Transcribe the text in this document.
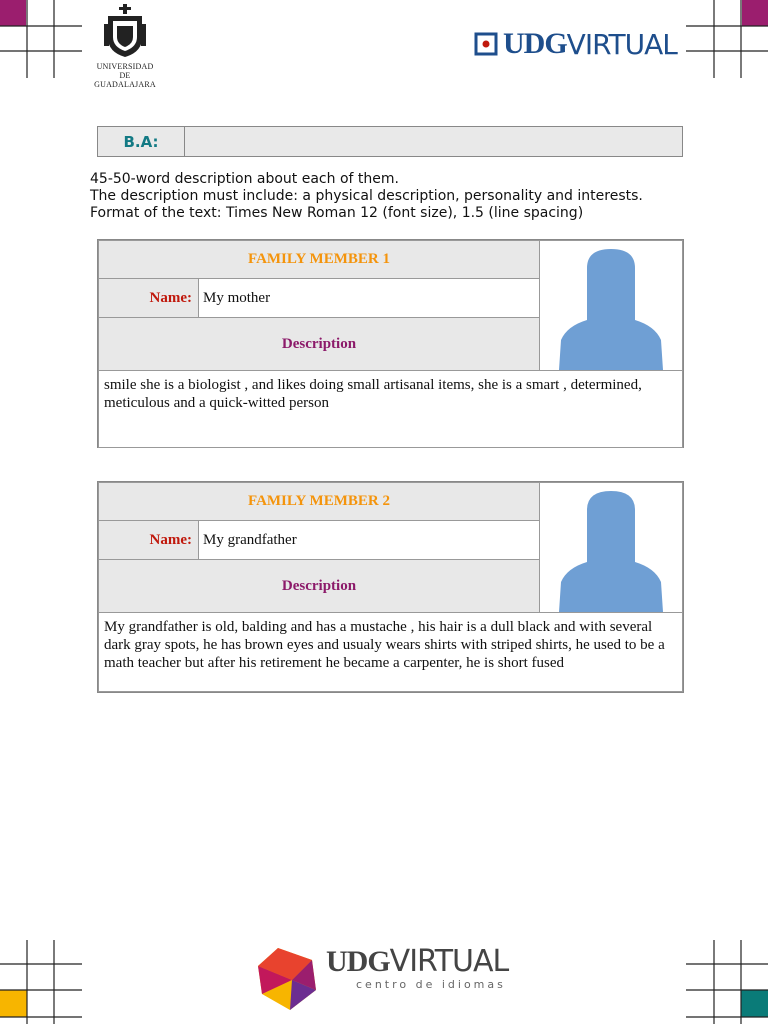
UNIVERSIDAD DE
GUADALAJARA
UDG VIRTUAL
B.A:
45-50-word description about each of them.
The description must include: a physical description, personality and interests.
Format of the text: Times New Roman 12 (font size), 1.5 (line spacing)
FAMILY MEMBER 1	

Name:	My mother	
Description		

smile she is a biologist , and likes doing small artisanal items, she is a smart , determined, meticulous and a quick-witted person		
FAMILY MEMBER 2	

Name:	My grandfather	
Description		

My grandfather is old, balding and has a mustache , his hair is a dull black and with several dark gray spots, he has brown eyes and usualy wears shirts with striped shirts, he used to be a math teacher but after his retirement he became a carpenter, he is short fused		
UDGVIRTUAL
centro de idiomas
